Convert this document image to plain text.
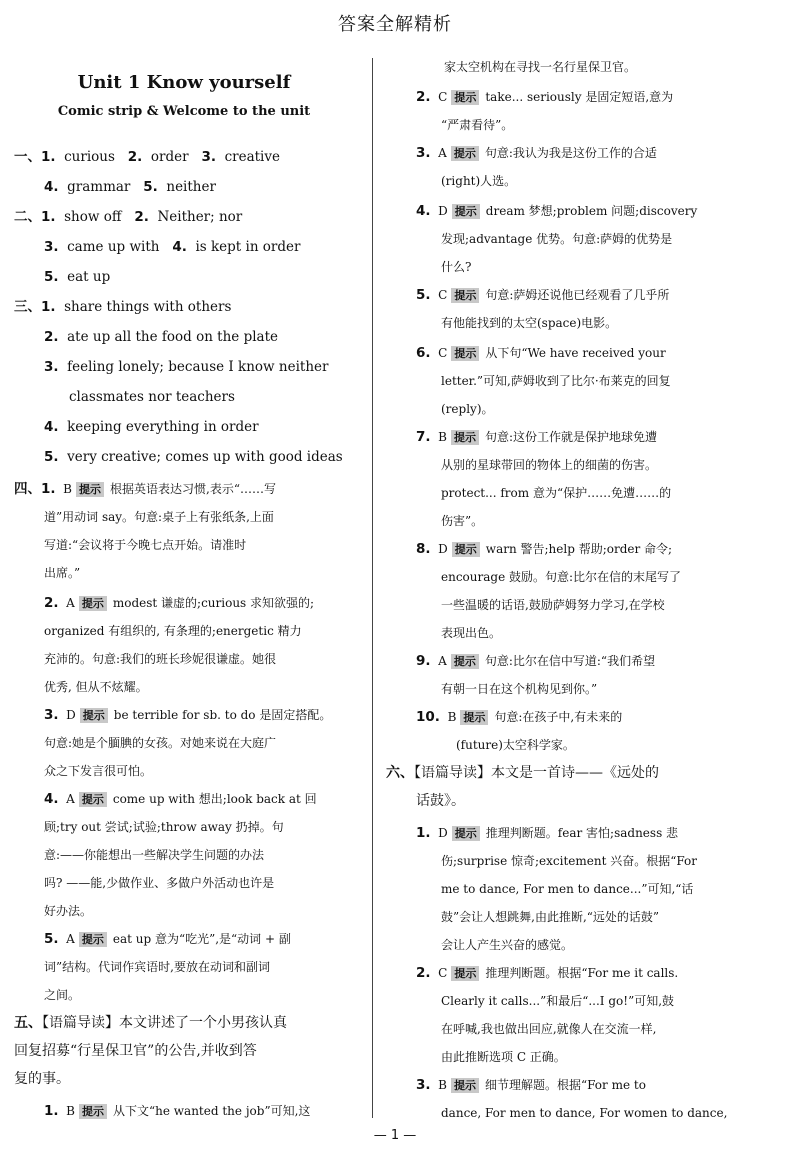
答案全解精析
Unit 1 Know yourself
Comic strip & Welcome to the unit
一、1. curious 2. order 3. creative
4. grammar 5. neither
二、1. show off 2. Neither; nor
3. came up with 4. is kept in order
5. eat up
三、1. share things with others
2. ate up all the food on the plate
3. feeling lonely; because I know neither
classmates nor teachers
4. keeping everything in order
5. very creative; comes up with good ideas
四、1. B 提示 根据英语表达习惯,表示“……写
道”用动词 say。句意:桌子上有张纸条,上面
写道:“会议将于今晚七点开始。请准时
出席。”
2. A 提示 modest 谦虚的;curious 求知欲强的;
organized 有组织的, 有条理的;energetic 精力
充沛的。句意:我们的班长珍妮很谦虚。她很
优秀, 但从不炫耀。
3. D 提示 be terrible for sb. to do 是固定搭配。
句意:她是个腼腆的女孩。对她来说在大庭广
众之下发言很可怕。
4. A 提示 come up with 想出;look back at 回
顾;try out 尝试;试验;throw away 扔掉。句
意:——你能想出一些解决学生问题的办法
吗? ——能,少做作业、多做户外活动也许是
好办法。
5. A 提示 eat up 意为“吃光”,是“动词 + 副
词”结构。代词作宾语时,要放在动词和副词
之间。
五、【语篇导读】本文讲述了一个小男孩认真
回复招募“行星保卫官”的公告,并收到答
复的事。
1. B 提示 从下文“he wanted the job”可知,这
家太空机构在寻找一名行星保卫官。
2. C 提示 take... seriously 是固定短语,意为
“严肃看待”。
3. A 提示 句意:我认为我是这份工作的合适
(right)人选。
4. D 提示 dream 梦想;problem 问题;discovery
发现;advantage 优势。句意:萨姆的优势是
什么?
5. C 提示 句意:萨姆还说他已经观看了几乎所
有他能找到的太空(space)电影。
6. C 提示 从下句“We have received your
letter.”可知,萨姆收到了比尔·布莱克的回复
(reply)。
7. B 提示 句意:这份工作就是保护地球免遭
从别的星球带回的物体上的细菌的伤害。
protect... from 意为“保护……免遭……的
伤害”。
8. D 提示 warn 警告;help 帮助;order 命令;
encourage 鼓励。句意:比尔在信的末尾写了
一些温暖的话语,鼓励萨姆努力学习,在学校
表现出色。
9. A 提示 句意:比尔在信中写道:“我们希望
有朝一日在这个机构见到你。”
10. B 提示 句意:在孩子中,有未来的
(future)太空科学家。
六、【语篇导读】本文是一首诗——《远处的
话鼓》。
1. D 提示 推理判断题。fear 害怕;sadness 悲
伤;surprise 惊奇;excitement 兴奋。根据“For
me to dance, For men to dance...”可知,“话
鼓”会让人想跳舞,由此推断,“远处的话鼓”
会让人产生兴奋的感觉。
2. C 提示 推理判断题。根据“For me it calls.
Clearly it calls...”和最后“...I go!”可知,鼓
在呼喊,我也做出回应,就像人在交流一样,
由此推断选项 C 正确。
3. B 提示 细节理解题。根据“For me to
dance, For men to dance, For women to dance,
— 1 —
